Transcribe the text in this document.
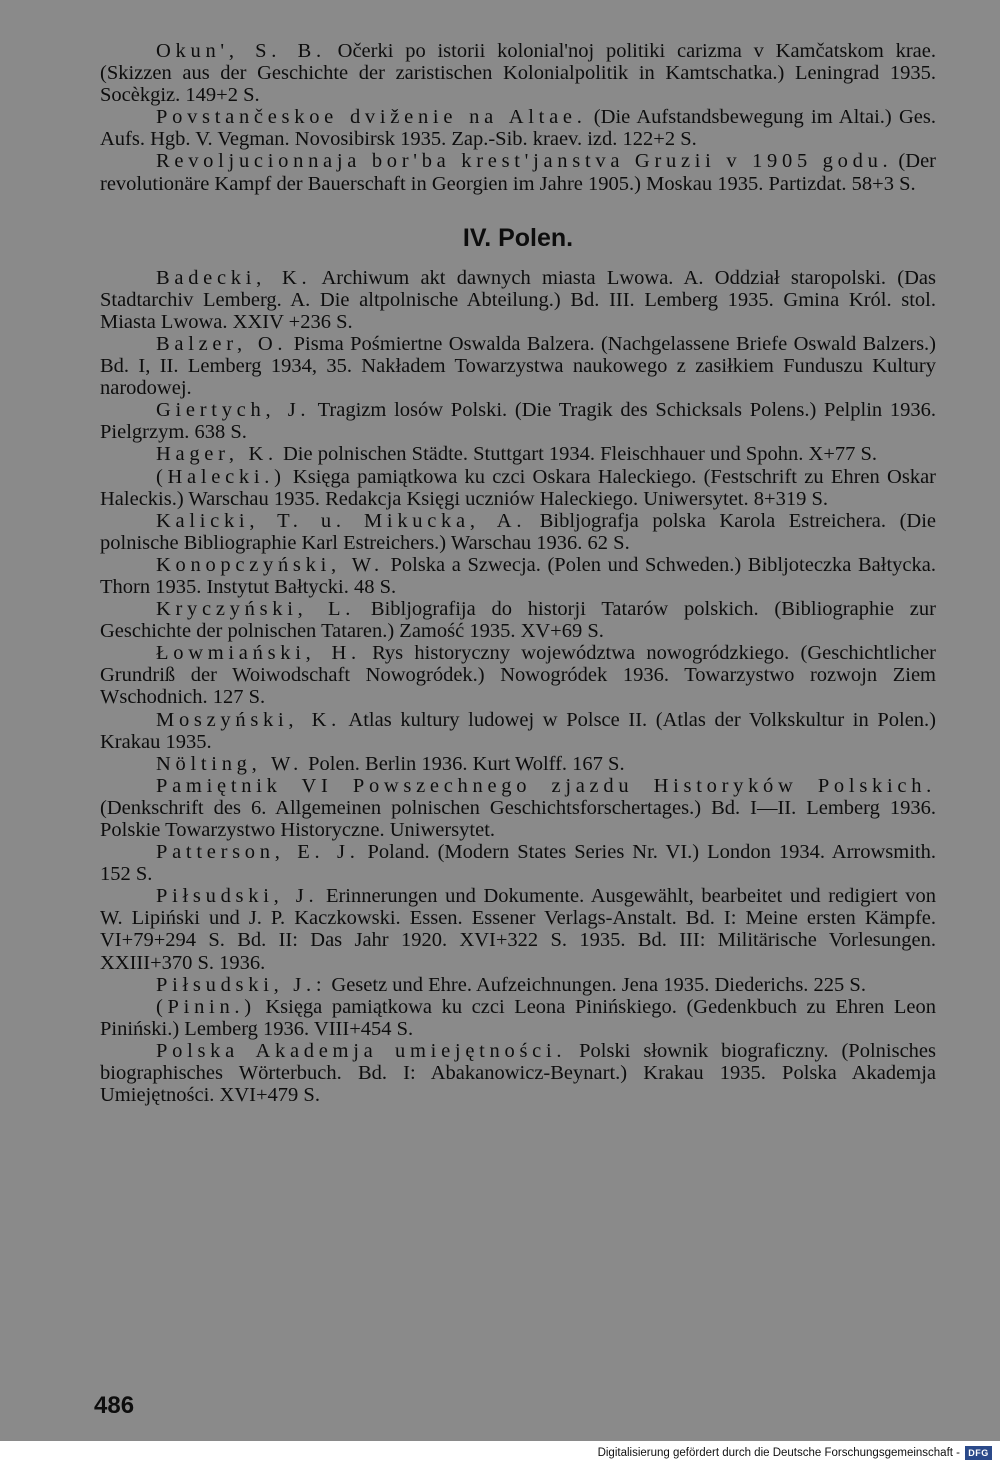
Okun', S. B. Očerki po istorii kolonial'noj politiki carizma v Kamčatskom krae. (Skizzen aus der Geschichte der zaristischen Kolonialpolitik in Kamtschatka.) Leningrad 1935. Socèkgiz. 149+2 S.

Povstančeskoe dviženie na Altae. (Die Aufstandsbewegung im Altai.) Ges. Aufs. Hgb. V. Vegman. Novosibirsk 1935. Zap.-Sib. kraev. izd. 122+2 S.

Revoljucionnaja bor'ba krest'janstva Gruzii v 1905 godu. (Der revolutionäre Kampf der Bauerschaft in Georgien im Jahre 1905.) Moskau 1935. Partizdat. 58+3 S.

IV. Polen.

Badecki, K. Archiwum akt dawnych miasta Lwowa. A. Oddział staropolski. (Das Stadtarchiv Lemberg. A. Die altpolnische Abteilung.) Bd. III. Lemberg 1935. Gmina Król. stol. Miasta Lwowa. XXIV +236 S.

Balzer, O. Pisma Pośmiertne Oswalda Balzera. (Nachgelassene Briefe Oswald Balzers.) Bd. I, II. Lemberg 1934, 35. Nakładem Towarzystwa naukowego z zasiłkiem Funduszu Kultury narodowej.

Giertych, J. Tragizm losów Polski. (Die Tragik des Schicksals Polens.) Pelplin 1936. Pielgrzym. 638 S.

Hager, K. Die polnischen Städte. Stuttgart 1934. Fleischhauer und Spohn. X+77 S.

(Halecki.) Księga pamiątkowa ku czci Oskara Haleckiego. (Festschrift zu Ehren Oskar Haleckis.) Warschau 1935. Redakcja Księgi uczniów Haleckiego. Uniwersytet. 8+319 S.

Kalicki, T. u. Mikucka, A. Bibljografja polska Karola Estreichera. (Die polnische Bibliographie Karl Estreichers.) Warschau 1936. 62 S.

Konopczyński, W. Polska a Szwecja. (Polen und Schweden.) Bibljoteczka Bałtycka. Thorn 1935. Instytut Bałtycki. 48 S.

Kryczyński, L. Bibljografija do historji Tatarów polskich. (Bibliographie zur Geschichte der polnischen Tataren.) Zamość 1935. XV+69 S.

Łowmiański, H. Rys historyczny województwa nowogródzkiego. (Geschichtlicher Grundriß der Woiwodschaft Nowogródek.) Nowogródek 1936. Towarzystwo rozwojn Ziem Wschodnich. 127 S.

Moszyński, K. Atlas kultury ludowej w Polsce II. (Atlas der Volkskultur in Polen.) Krakau 1935.

Nölting, W. Polen. Berlin 1936. Kurt Wolff. 167 S.

Pamiętnik VI Powszechnego zjazdu Historyków Polskich. (Denkschrift des 6. Allgemeinen polnischen Geschichtsforschertages.) Bd. I—II. Lemberg 1936. Polskie Towarzystwo Historyczne. Uniwersytet.

Patterson, E. J. Poland. (Modern States Series Nr. VI.) London 1934. Arrowsmith. 152 S.

Piłsudski, J. Erinnerungen und Dokumente. Ausgewählt, bearbeitet und redigiert von W. Lipiński und J. P. Kaczkowski. Essen. Essener Verlags-Anstalt. Bd. I: Meine ersten Kämpfe. VI+79+294 S. Bd. II: Das Jahr 1920. XVI+322 S. 1935. Bd. III: Militärische Vorlesungen. XXIII+370 S. 1936.

Piłsudski, J.: Gesetz und Ehre. Aufzeichnungen. Jena 1935. Diederichs. 225 S.

(Pinin.) Księga pamiątkowa ku czci Leona Pinińskiego. (Gedenkbuch zu Ehren Leon Piniński.) Lemberg 1936. VIII+454 S.

Polska Akademja umiejętności. Polski słownik biograficzny. (Polnisches biographisches Wörterbuch. Bd. I: Abakanowicz-Beynart.) Krakau 1935. Polska Akademja Umiejętności. XVI+479 S.

486
Digitalisierung gefördert durch die Deutsche Forschungsgemeinschaft - DFG
